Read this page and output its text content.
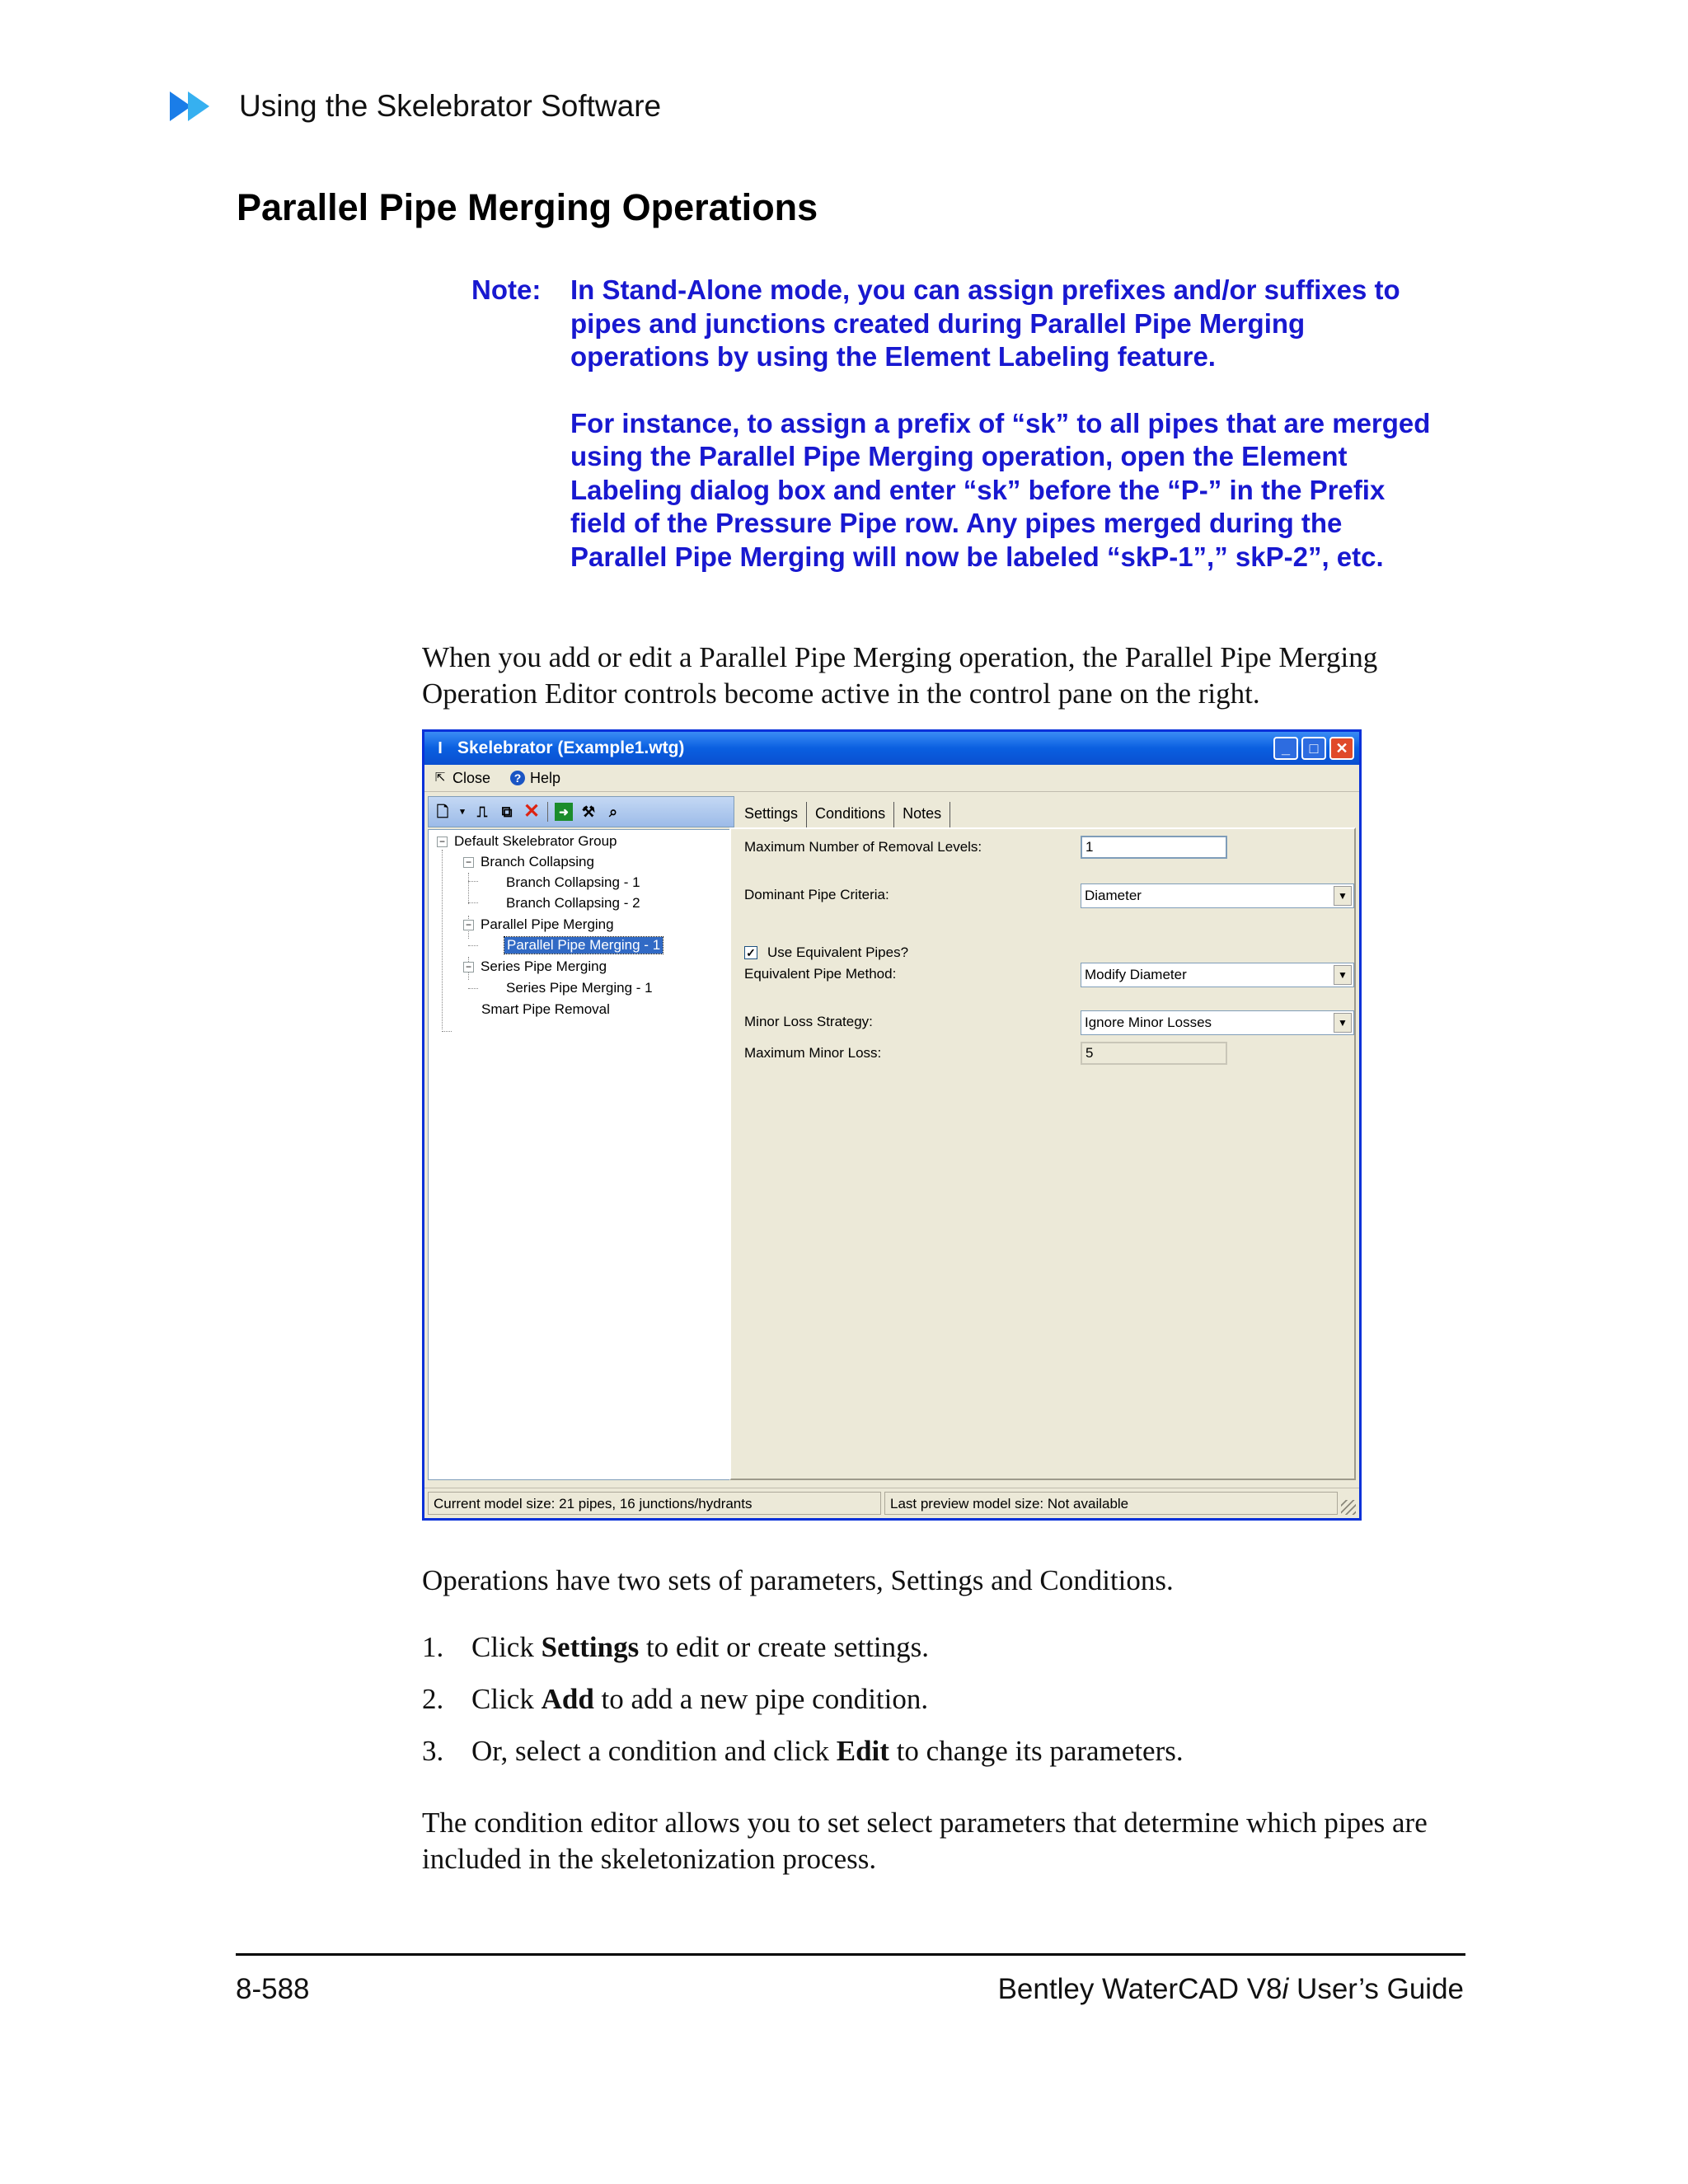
Using the Skelebrator Software
Parallel Pipe Merging Operations
Note: In Stand-Alone mode, you can assign prefixes and/or suffixes to pipes and junctions created during Parallel Pipe Merging operations by using the Element Labeling feature.

For instance, to assign a prefix of “sk” to all pipes that are merged using the Parallel Pipe Merging operation, open the Element Labeling dialog box and enter “sk” before the “P-” in the Prefix field of the Pressure Pipe row. Any pipes merged during the Parallel Pipe Merging will now be labeled “skP-1”,” skP-2”, etc.

When you add or edit a Parallel Pipe Merging operation, the Parallel Pipe Merging Operation Editor controls become active in the control pane on the right.
I Skelebrator (Example1.wtg)	_	□	✕
⇱ Close	? Help
🗋	▾ ⎍ ⧉ ✕	➜ ⚒ ⌕
− Default Skelebrator Group
− Branch Collapsing
Branch Collapsing - 1
Branch Collapsing - 2
− Parallel Pipe Merging
Parallel Pipe Merging - 1
− Series Pipe Merging
Series Pipe Merging - 1
Smart Pipe Removal
Settings	Conditions	Notes
Maximum Number of Removal Levels:	1
Dominant Pipe Criteria:	Diameter	▼
✓ Use Equivalent Pipes?
Equivalent Pipe Method:	Modify Diameter	▼
Minor Loss Strategy:	Ignore Minor Losses	▼
Maximum Minor Loss:	5
Current model size: 21 pipes, 16 junctions/hydrants	Last preview model size: Not available
Operations have two sets of parameters, Settings and Conditions.
1. Click Settings to edit or create settings.
2. Click Add to add a new pipe condition.
3. Or, select a condition and click Edit to change its parameters.
The condition editor allows you to set select parameters that determine which pipes are included in the skeletonization process.
8-588	Bentley WaterCAD V8i User’s Guide
